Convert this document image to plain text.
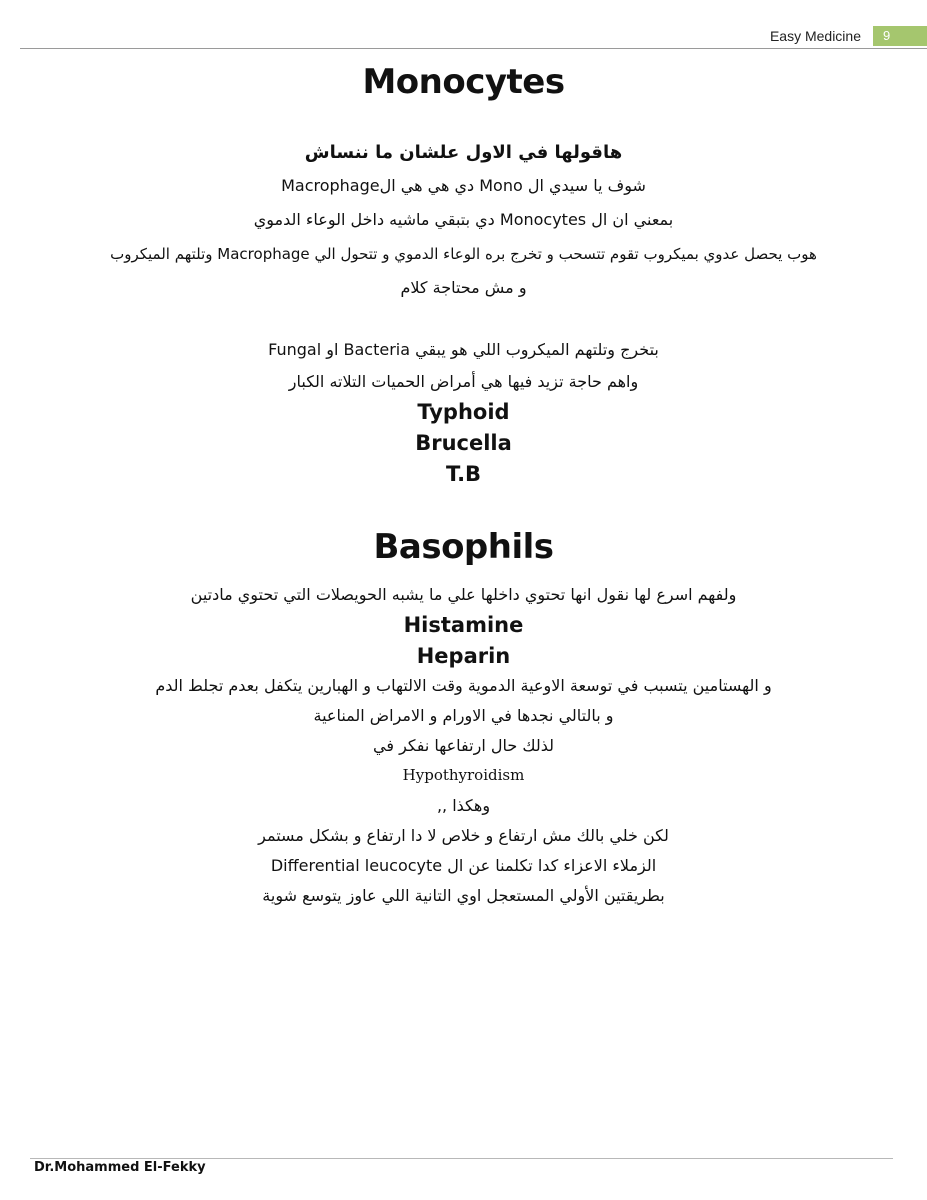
Easy Medicine	9
Monocytes
هاقولها في الاول علشان ما ننساش
شوف يا سيدي ال Mono دي هي هي الMacrophage
بمعني ان ال Monocytes دي بتبقي ماشيه داخل الوعاء الدموي
هوب يحصل عدوي بميكروب تقوم تتسحب و تخرج بره الوعاء الدموي و تتحول الي Macrophage وتلتهم الميكروب
و مش محتاجة كلام
بتخرج وتلتهم الميكروب اللي هو يبقي Bacteria او Fungal
واهم حاجة تزيد فيها هي أمراض الحميات التلاته الكبار
Typhoid
Brucella
T.B
Basophils
ولفهم اسرع لها نقول انها تحتوي داخلها علي ما يشبه الحويصلات التي تحتوي مادتين
Histamine
Heparin
و الهستامين يتسبب في توسعة الاوعية الدموية وقت الالتهاب و الهبارين يتكفل بعدم تجلط الدم
و بالتالي نجدها في الاورام و الامراض المناعية
لذلك حال ارتفاعها نفكر في
Hypothyroidism
وهكذا ,,
لكن خلي بالك مش ارتفاع و خلاص لا دا ارتفاع و بشكل مستمر
الزملاء الاعزاء كدا تكلمنا عن ال Differential leucocyte
بطريقتين الأولي المستعجل اوي التانية اللي عاوز يتوسع شوية
Dr.Mohammed El-Fekky
